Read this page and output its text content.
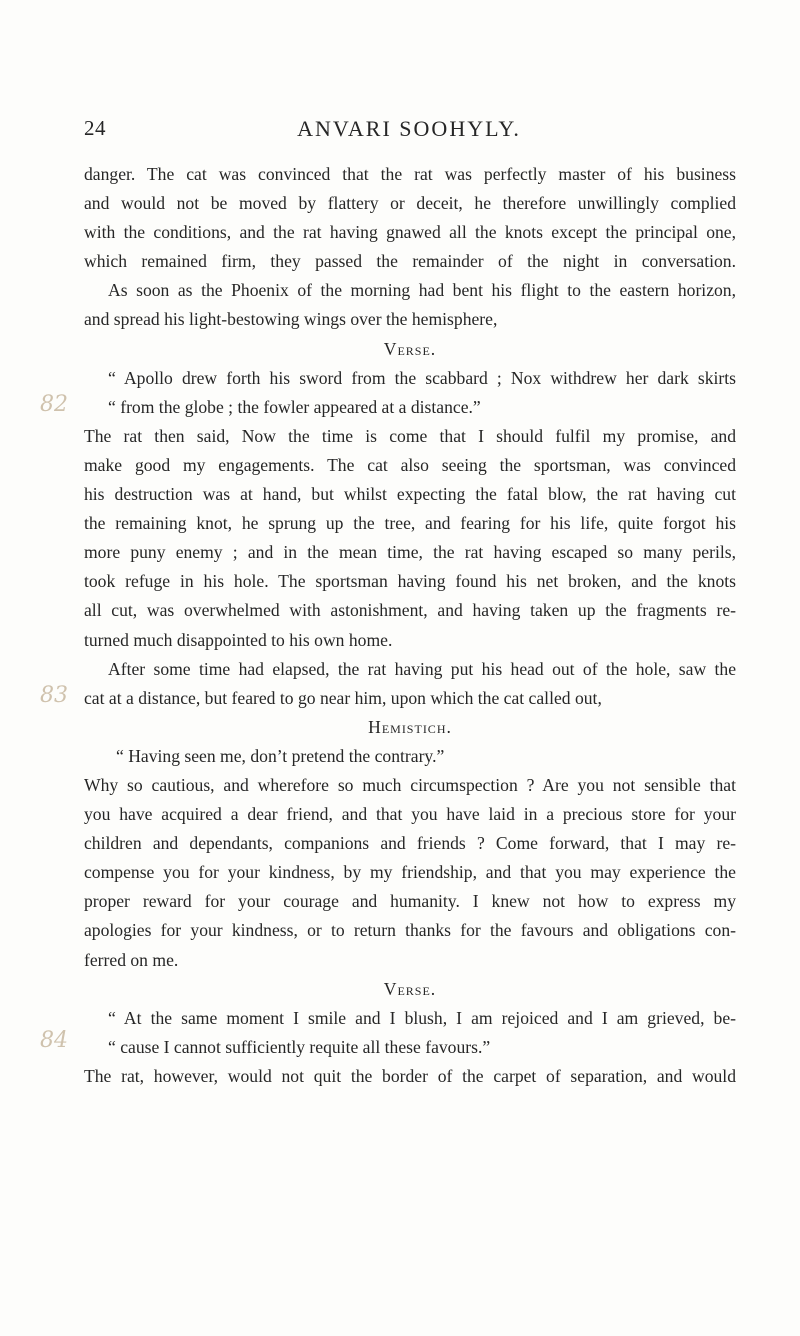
24	ANVARI SOOHYLY.
82
83
84
danger. The cat was convinced that the rat was perfectly master of his business
and would not be moved by flattery or deceit, he therefore unwillingly complied
with the conditions, and the rat having gnawed all the knots except the principal one,
which remained firm, they passed the remainder of the night in conversation.
As soon as the Phoenix of the morning had bent his flight to the eastern horizon,
and spread his light-bestowing wings over the hemisphere,
Verse.
“ Apollo drew forth his sword from the scabbard ; Nox withdrew her dark skirts
“ from the globe ; the fowler appeared at a distance.”
The rat then said, Now the time is come that I should fulfil my promise, and
make good my engagements. The cat also seeing the sportsman, was convinced
his destruction was at hand, but whilst expecting the fatal blow, the rat having cut
the remaining knot, he sprung up the tree, and fearing for his life, quite forgot his
more puny enemy ; and in the mean time, the rat having escaped so many perils,
took refuge in his hole. The sportsman having found his net broken, and the knots
all cut, was overwhelmed with astonishment, and having taken up the fragments re-
turned much disappointed to his own home.
After some time had elapsed, the rat having put his head out of the hole, saw the
cat at a distance, but feared to go near him, upon which the cat called out,
Hemistich.
“ Having seen me, don’t pretend the contrary.”
Why so cautious, and wherefore so much circumspection ? Are you not sensible that
you have acquired a dear friend, and that you have laid in a precious store for your
children and dependants, companions and friends ? Come forward, that I may re-
compense you for your kindness, by my friendship, and that you may experience the
proper reward for your courage and humanity. I knew not how to express my
apologies for your kindness, or to return thanks for the favours and obligations con-
ferred on me.
Verse.
“ At the same moment I smile and I blush, I am rejoiced and I am grieved, be-
“ cause I cannot sufficiently requite all these favours.”
The rat, however, would not quit the border of the carpet of separation, and would
